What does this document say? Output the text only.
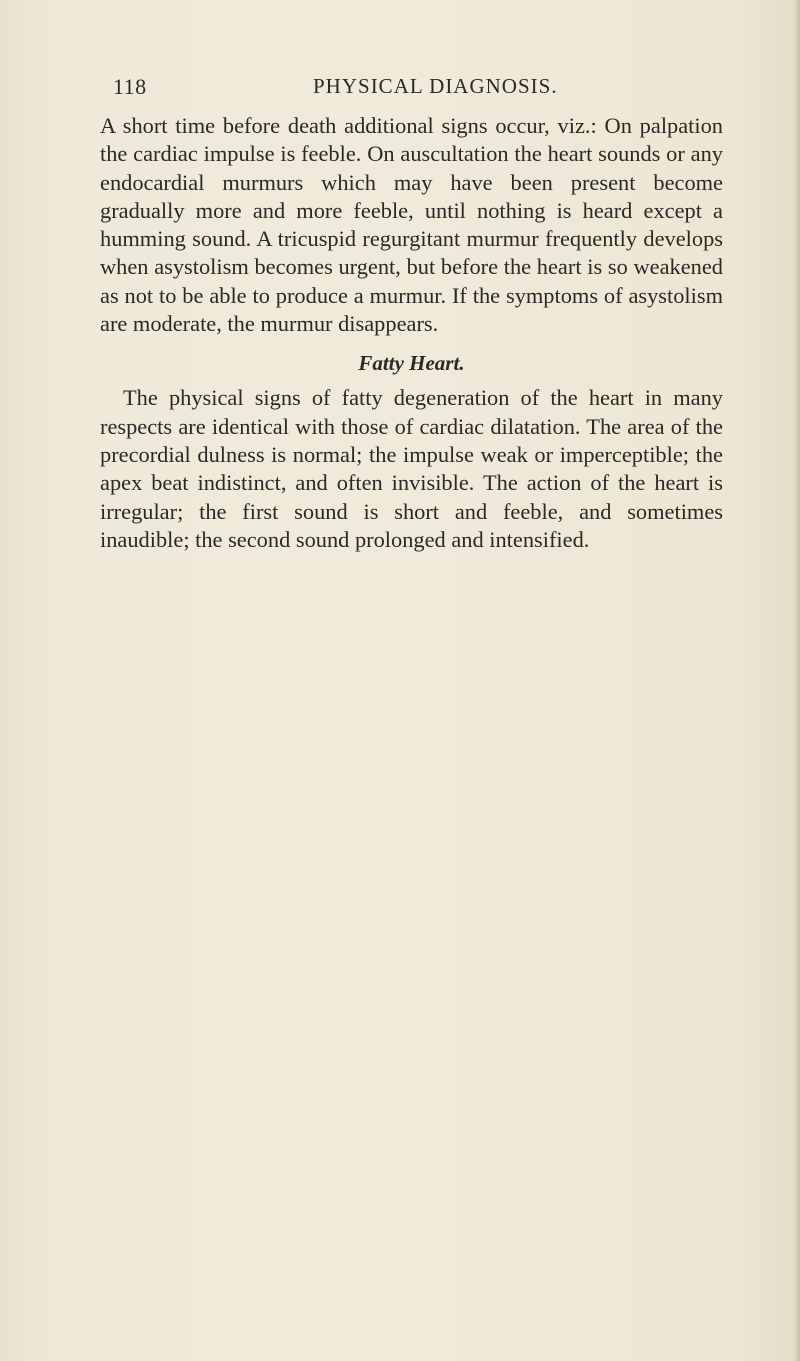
118	PHYSICAL DIAGNOSIS.

A short time before death additional signs occur, viz.: On palpation the cardiac impulse is feeble. On auscultation the heart sounds or any endocardial murmurs which may have been present become gradually more and more feeble, until nothing is heard except a humming sound. A tricuspid regurgitant murmur frequently develops when asystolism becomes urgent, but before the heart is so weakened as not to be able to produce a murmur. If the symptoms of asystolism are moderate, the murmur disappears.

Fatty Heart.

The physical signs of fatty degeneration of the heart in many respects are identical with those of cardiac dilatation. The area of the precordial dulness is normal; the impulse weak or imperceptible; the apex beat indistinct, and often invisible. The action of the heart is irregular; the first sound is short and feeble, and sometimes inaudible; the second sound prolonged and intensified.
